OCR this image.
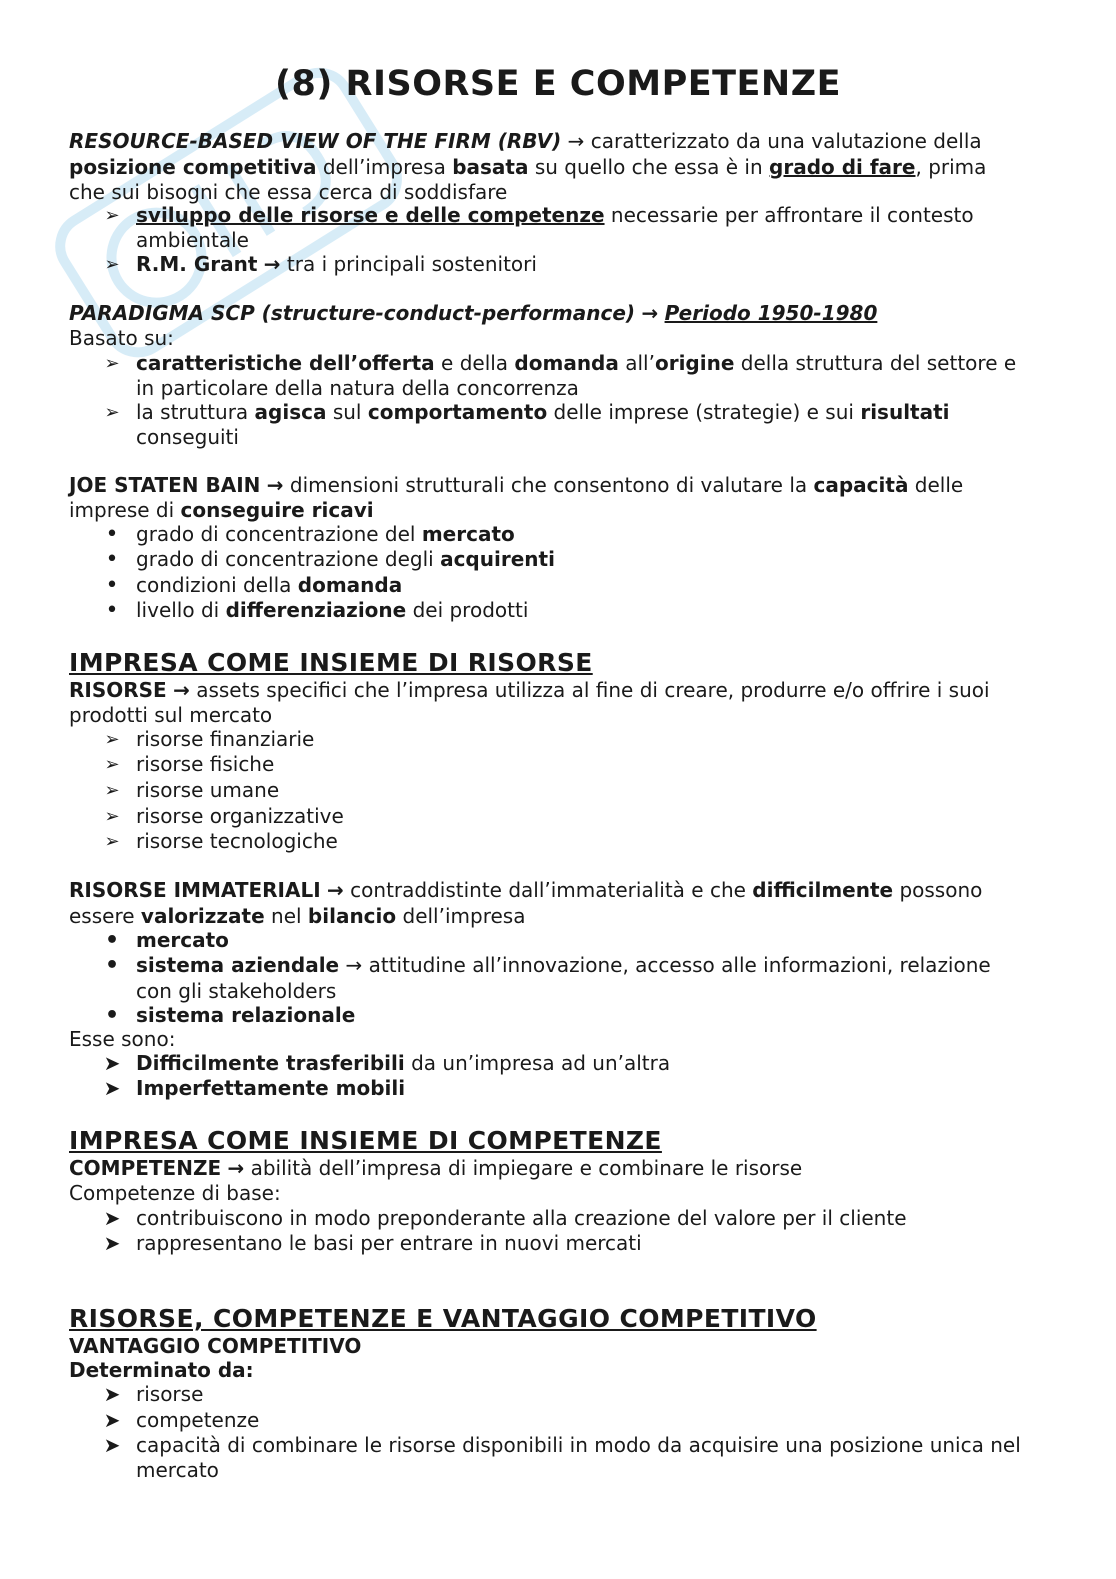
(8) RISORSE E COMPETENZE
RESOURCE-BASED VIEW OF THE FIRM (RBV) → caratterizzato da una valutazione della
posizione competitiva dell’impresa basata su quello che essa è in grado di fare, prima
che sui bisogni che essa cerca di soddisfare
➢ sviluppo delle risorse e delle competenze necessarie per affrontare il contesto
ambientale
➢ R.M. Grant → tra i principali sostenitori
PARADIGMA SCP (structure-conduct-performance) → Periodo 1950-1980
Basato su:
➢ caratteristiche dell’offerta e della domanda all’origine della struttura del settore e
in particolare della natura della concorrenza
➢ la struttura agisca sul comportamento delle imprese (strategie) e sui risultati
conseguiti
JOE STATEN BAIN → dimensioni strutturali che consentono di valutare la capacità delle
imprese di conseguire ricavi
• grado di concentrazione del mercato
• grado di concentrazione degli acquirenti
• condizioni della domanda
• livello di differenziazione dei prodotti
IMPRESA COME INSIEME DI RISORSE
RISORSE → assets specifici che l’impresa utilizza al fine di creare, produrre e/o offrire i suoi
prodotti sul mercato
➢ risorse finanziarie
➢ risorse fisiche
➢ risorse umane
➢ risorse organizzative
➢ risorse tecnologiche
RISORSE IMMATERIALI → contraddistinte dall’immaterialità e che difficilmente possono
essere valorizzate nel bilancio dell’impresa
• mercato
• sistema aziendale → attitudine all’innovazione, accesso alle informazioni, relazione
con gli stakeholders
• sistema relazionale
Esse sono:
➤ Difficilmente trasferibili da un’impresa ad un’altra
➤ Imperfettamente mobili
IMPRESA COME INSIEME DI COMPETENZE
COMPETENZE → abilità dell’impresa di impiegare e combinare le risorse
Competenze di base:
➤ contribuiscono in modo preponderante alla creazione del valore per il cliente
➤ rappresentano le basi per entrare in nuovi mercati
RISORSE, COMPETENZE E VANTAGGIO COMPETITIVO
VANTAGGIO COMPETITIVO
Determinato da:
➤ risorse
➤ competenze
➤ capacità di combinare le risorse disponibili in modo da acquisire una posizione unica nel
mercato
